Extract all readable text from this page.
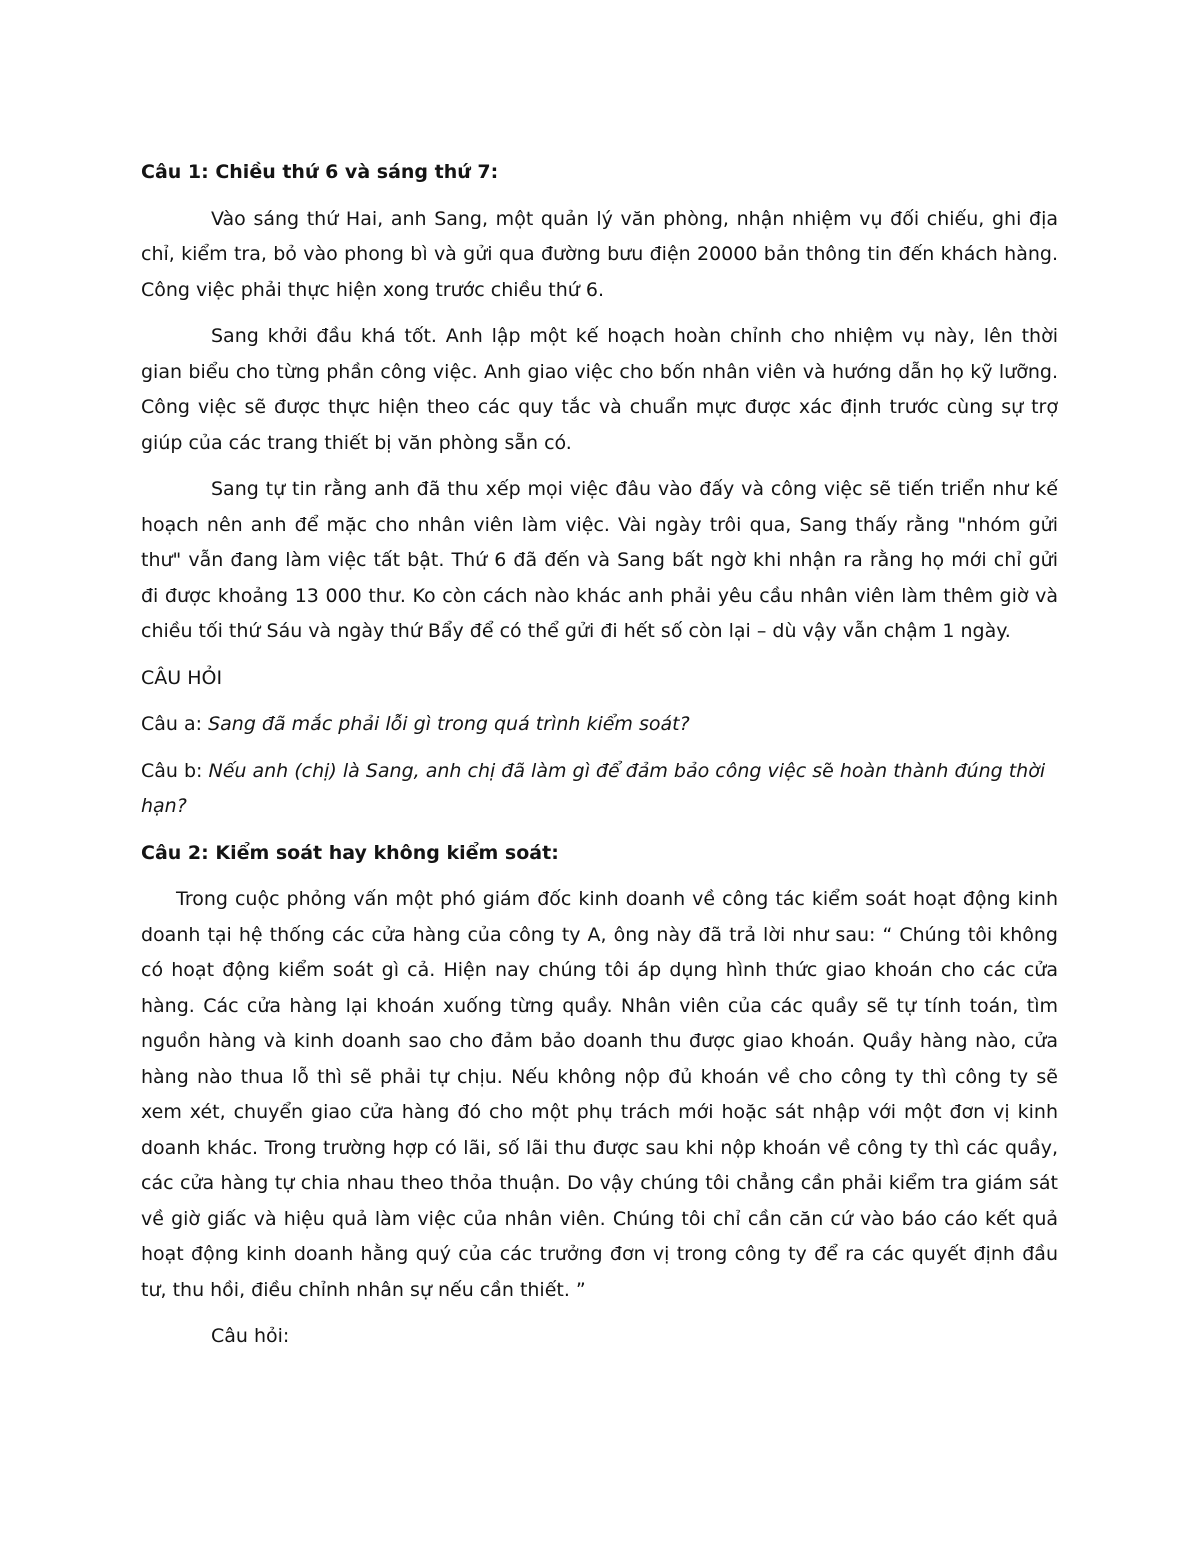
Câu 1: Chiều thứ 6 và sáng thứ 7:

Vào sáng thứ Hai, anh Sang, một quản lý văn phòng, nhận nhiệm vụ đối chiếu, ghi địa chỉ, kiểm tra, bỏ vào phong bì và gửi qua đường bưu điện 20000 bản thông tin đến khách hàng. Công việc phải thực hiện xong trước chiều thứ 6.

Sang khởi đầu khá tốt. Anh lập một kế hoạch hoàn chỉnh cho nhiệm vụ này, lên thời gian biểu cho từng phần công việc. Anh giao việc cho bốn nhân viên và hướng dẫn họ kỹ lưỡng. Công việc sẽ được thực hiện theo các quy tắc và chuẩn mực được xác định trước cùng sự trợ giúp của các trang thiết bị văn phòng sẵn có.

Sang tự tin rằng anh đã thu xếp mọi việc đâu vào đấy và công việc sẽ tiến triển như kế hoạch nên anh để mặc cho nhân viên làm việc. Vài ngày trôi qua, Sang thấy rằng "nhóm gửi thư" vẫn đang làm việc tất bật. Thứ 6 đã đến và Sang bất ngờ khi nhận ra rằng họ mới chỉ gửi đi được khoảng 13 000 thư. Ko còn cách nào khác anh phải yêu cầu nhân viên làm thêm giờ và chiều tối thứ Sáu và ngày thứ Bẩy để có thể gửi đi hết số còn lại – dù vậy vẫn chậm 1 ngày.

CÂU HỎI

Câu a: Sang đã mắc phải lỗi gì trong quá trình kiểm soát?

Câu b: Nếu anh (chị) là Sang, anh chị đã làm gì để đảm bảo công việc sẽ hoàn thành đúng thời hạn?

Câu 2: Kiểm soát hay không kiểm soát:

Trong cuộc phỏng vấn một phó giám đốc kinh doanh về công tác kiểm soát hoạt động kinh doanh tại hệ thống các cửa hàng của công ty A, ông này đã trả lời như sau: “ Chúng tôi không có hoạt động kiểm soát gì cả. Hiện nay chúng tôi áp dụng hình thức giao khoán cho các cửa hàng. Các cửa hàng lại khoán xuống từng quầy. Nhân viên của các quầy sẽ tự tính toán, tìm nguồn hàng và kinh doanh sao cho đảm bảo doanh thu được giao khoán. Quầy hàng nào, cửa hàng nào thua lỗ thì sẽ phải tự chịu. Nếu không nộp đủ khoán về cho công ty thì công ty sẽ xem xét, chuyển giao cửa hàng đó cho một phụ trách mới hoặc sát nhập với một đơn vị kinh doanh khác. Trong trường hợp có lãi, số lãi thu được sau khi nộp khoán về công ty thì các quầy, các cửa hàng tự chia nhau theo thỏa thuận. Do vậy chúng tôi chẳng cần phải kiểm tra giám sát về giờ giấc và hiệu quả làm việc của nhân viên. Chúng tôi chỉ cần căn cứ vào báo cáo kết quả hoạt động kinh doanh hằng quý của các trưởng đơn vị trong công ty để ra các quyết định đầu tư, thu hồi, điều chỉnh nhân sự nếu cần thiết. ”

Câu hỏi:
